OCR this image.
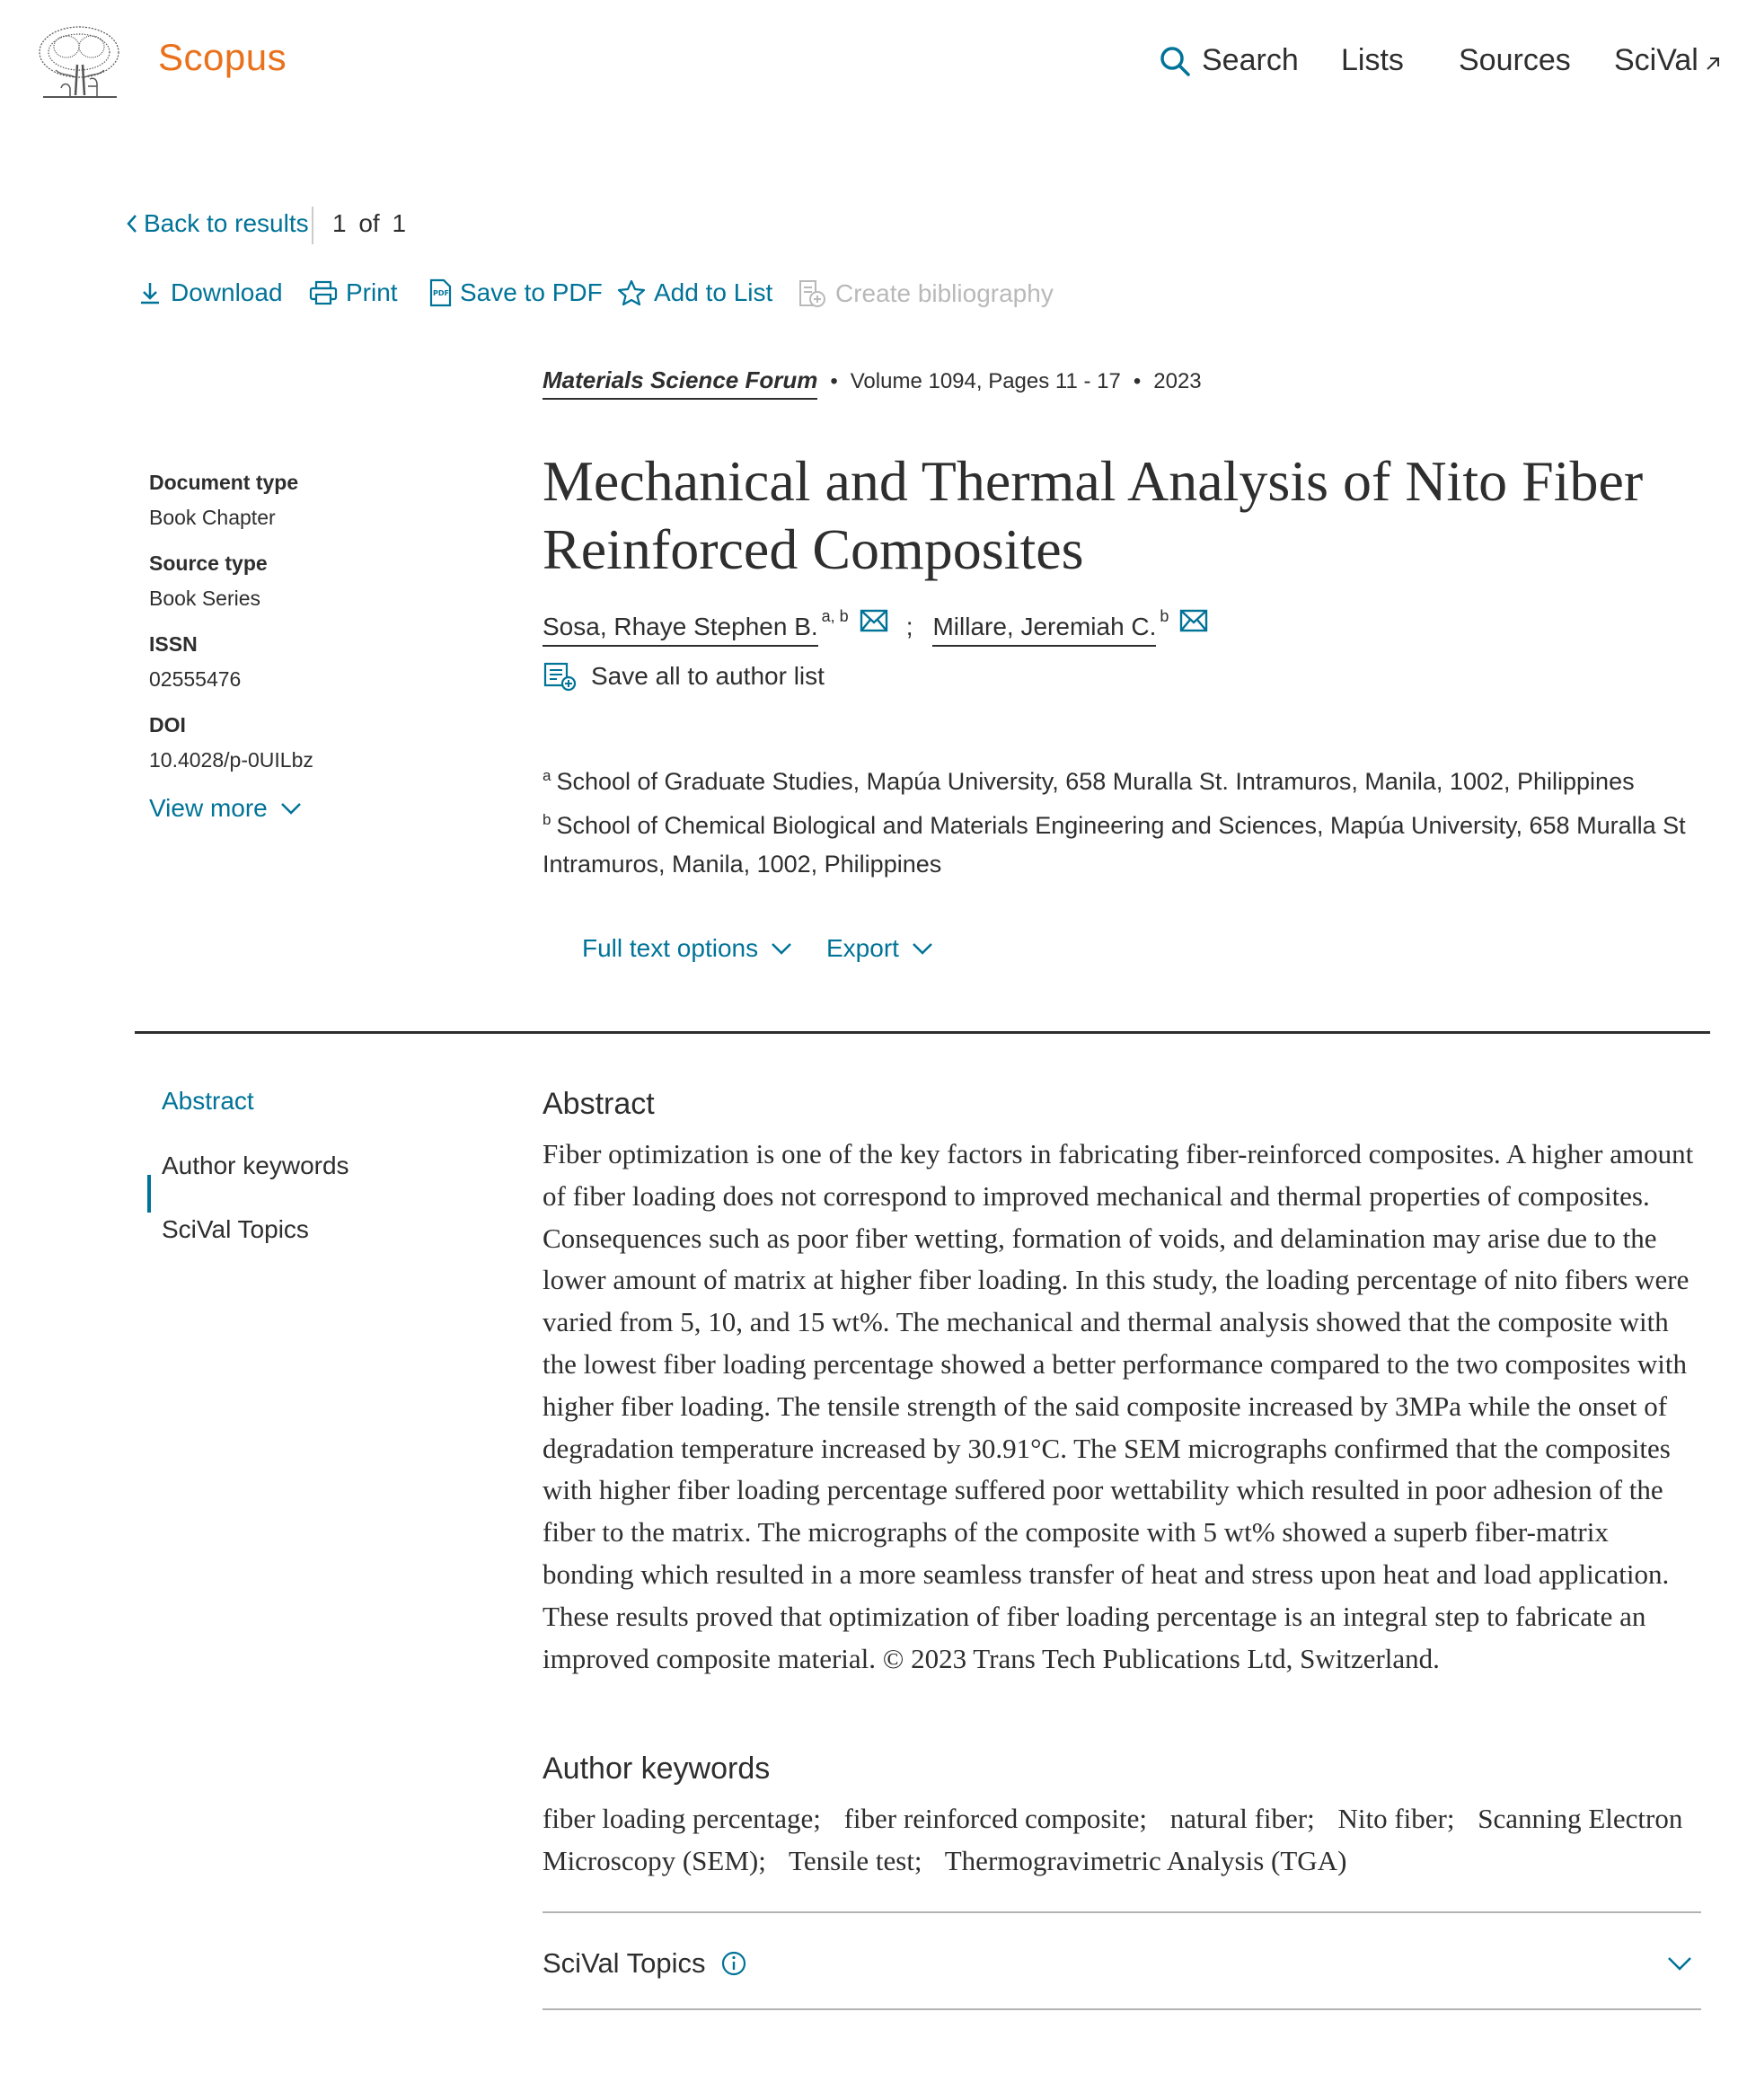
Scopus	Search Lists Sources SciVal
Back to results 1 of 1
Download	Print	PDF Save to PDF Add to List Create bibliography
Materials Science Forum • Volume 1094, Pages 11 - 17 • 2023
Mechanical and Thermal Analysis of Nito Fiber Reinforced Composites
Sosa, Rhaye Stephen B. a, b ; Millare, Jeremiah C. b
Save all to author list
$^a$ School of Graduate Studies, Mapúa University, 658 Muralla St. Intramuros, Manila, 1002, Philippines
$^b$ School of Chemical Biological and Materials Engineering and Sciences, Mapúa University, 658 Muralla St Intramuros, Manila, 1002, Philippines
Document type
Book Chapter
Source type
Book Series
ISSN
02555476
DOI
10.4028/p-0UILbz
View more
Full text options	Export
Abstract
Author keywords
SciVal Topics
Abstract

Fiber optimization is one of the key factors in fabricating fiber-reinforced composites. A higher amount of fiber loading does not correspond to improved mechanical and thermal properties of composites. Consequences such as poor fiber wetting, formation of voids, and delamination may arise due to the lower amount of matrix at higher fiber loading. In this study, the loading percentage of nito fibers were varied from 5, 10, and 15 wt%. The mechanical and thermal analysis showed that the composite with the lowest fiber loading percentage showed a better performance compared to the two composites with higher fiber loading. The tensile strength of the said composite increased by 3MPa while the onset of degradation temperature increased by 30.91°C. The SEM micrographs confirmed that the composites with higher fiber loading percentage suffered poor wettability which resulted in poor adhesion of the fiber to the matrix. The micrographs of the composite with 5 wt% showed a superb fiber-matrix bonding which resulted in a more seamless transfer of heat and stress upon heat and load application. These results proved that optimization of fiber loading percentage is an integral step to fabricate an improved composite material. © 2023 Trans Tech Publications Ltd, Switzerland.

Author keywords

fiber loading percentage; fiber reinforced composite; natural fiber; Nito fiber; Scanning Electron Microscopy (SEM); Tensile test; Thermogravimetric Analysis (TGA)

SciVal Topics
